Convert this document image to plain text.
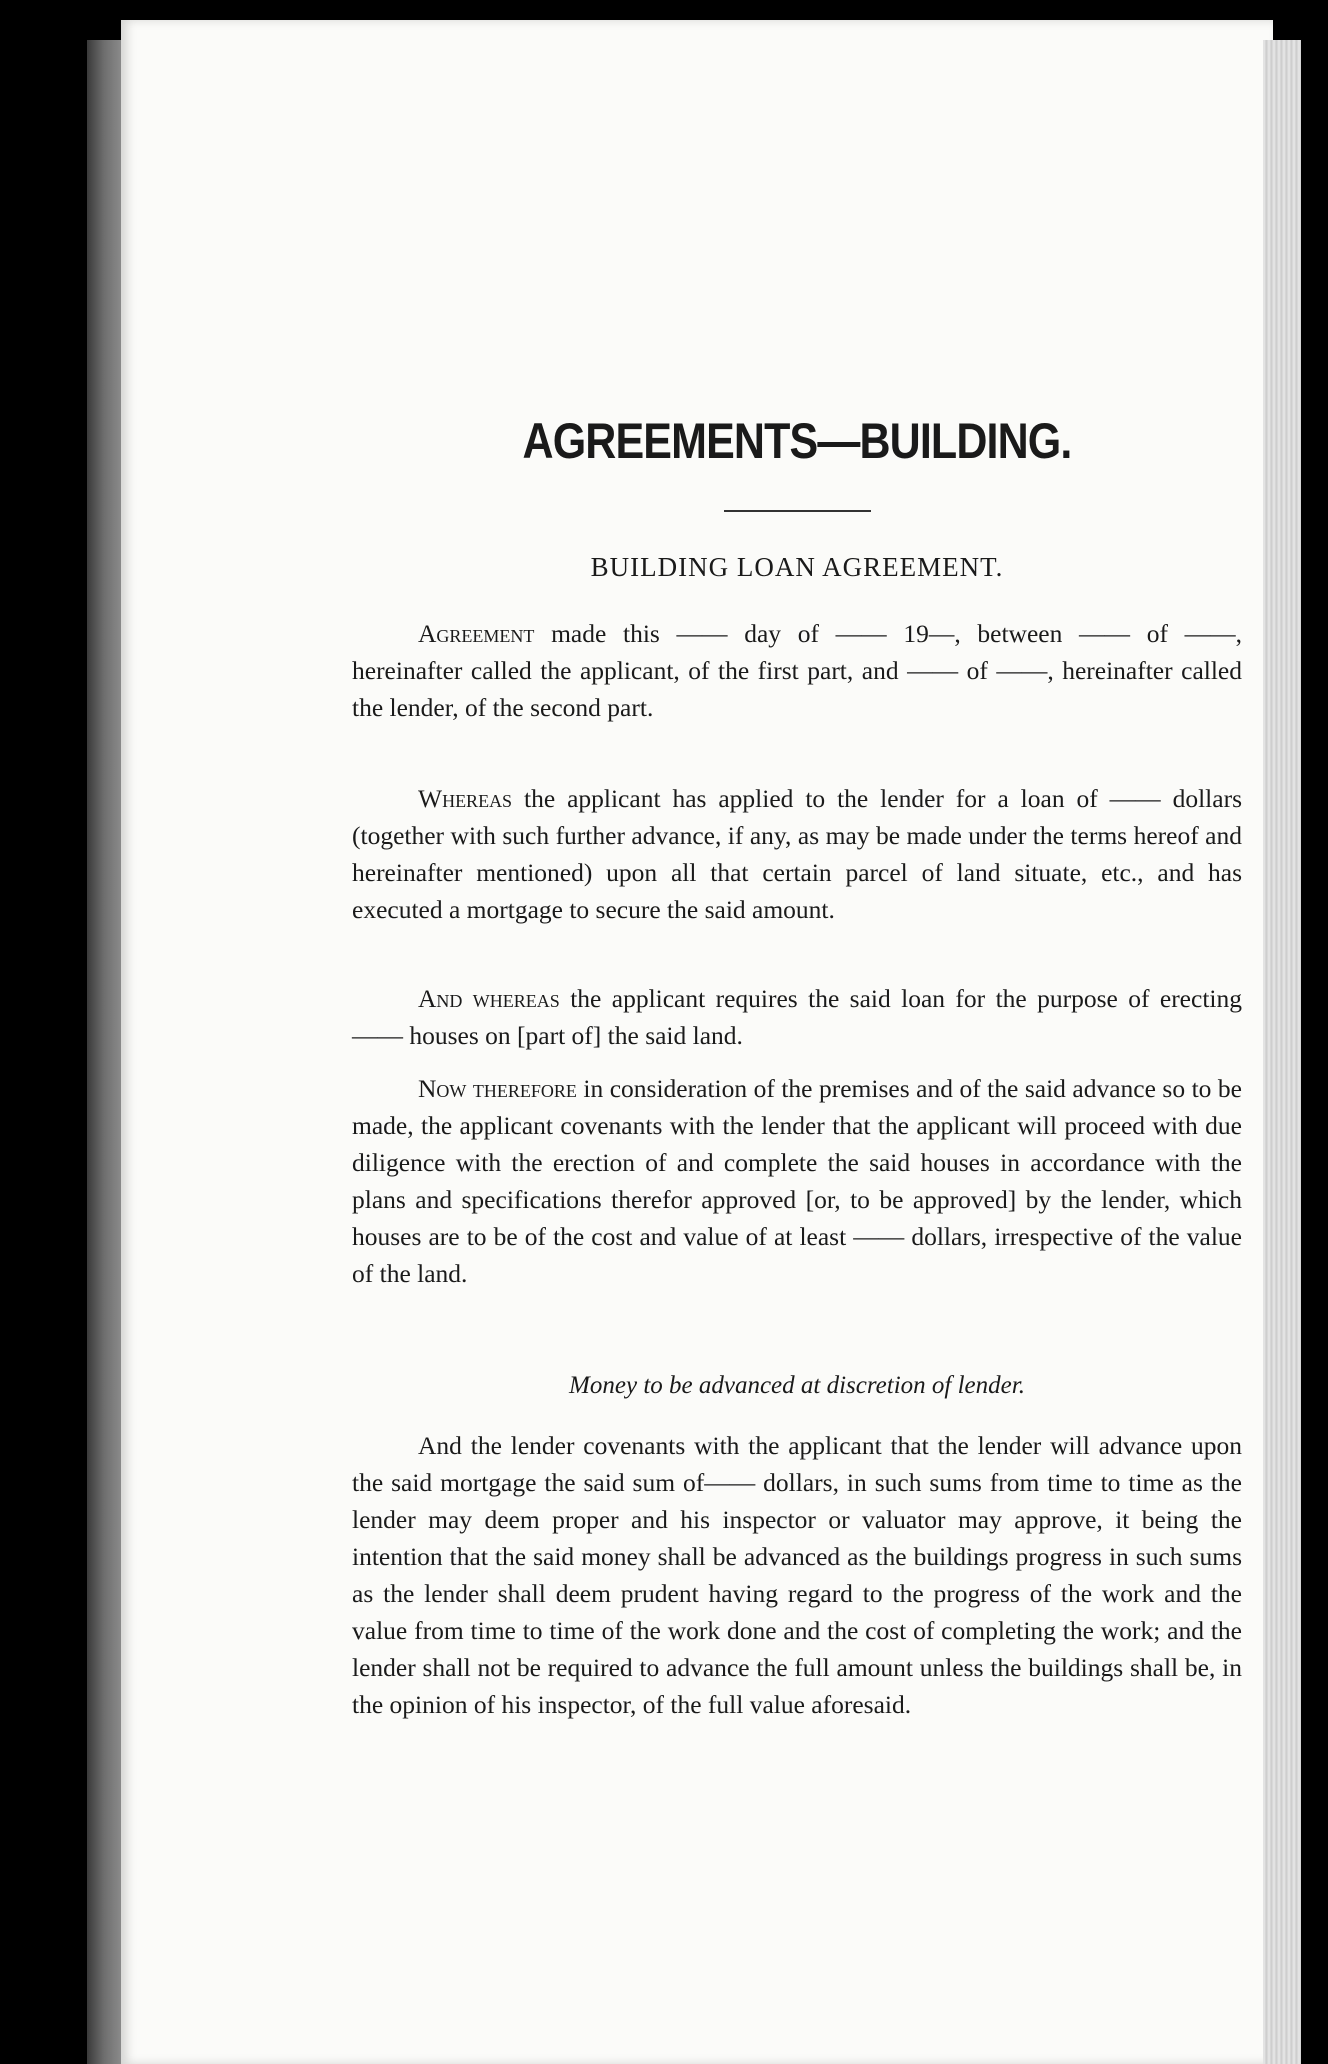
AGREEMENTS—BUILDING.
BUILDING LOAN AGREEMENT.

Agreement made this —— day of —— 19—, between —— of ——, hereinafter called the applicant, of the first part, and —— of ——, hereinafter called the lender, of the second part.

Whereas the applicant has applied to the lender for a loan of —— dollars (together with such further advance, if any, as may be made under the terms hereof and hereinafter mentioned) upon all that certain parcel of land situate, etc., and has executed a mortgage to secure the said amount.

And whereas the applicant requires the said loan for the purpose of erecting —— houses on [part of] the said land.

Now therefore in consideration of the premises and of the said advance so to be made, the applicant covenants with the lender that the applicant will proceed with due diligence with the erection of and complete the said houses in accordance with the plans and specifications therefor approved [or, to be approved] by the lender, which houses are to be of the cost and value of at least —— dollars, irrespective of the value of the land.

Money to be advanced at discretion of lender.

And the lender covenants with the applicant that the lender will advance upon the said mortgage the said sum of—— dollars, in such sums from time to time as the lender may deem proper and his inspector or valuator may approve, it being the intention that the said money shall be advanced as the buildings progress in such sums as the lender shall deem prudent having regard to the progress of the work and the value from time to time of the work done and the cost of completing the work; and the lender shall not be required to advance the full amount unless the buildings shall be, in the opinion of his inspector, of the full value aforesaid.
